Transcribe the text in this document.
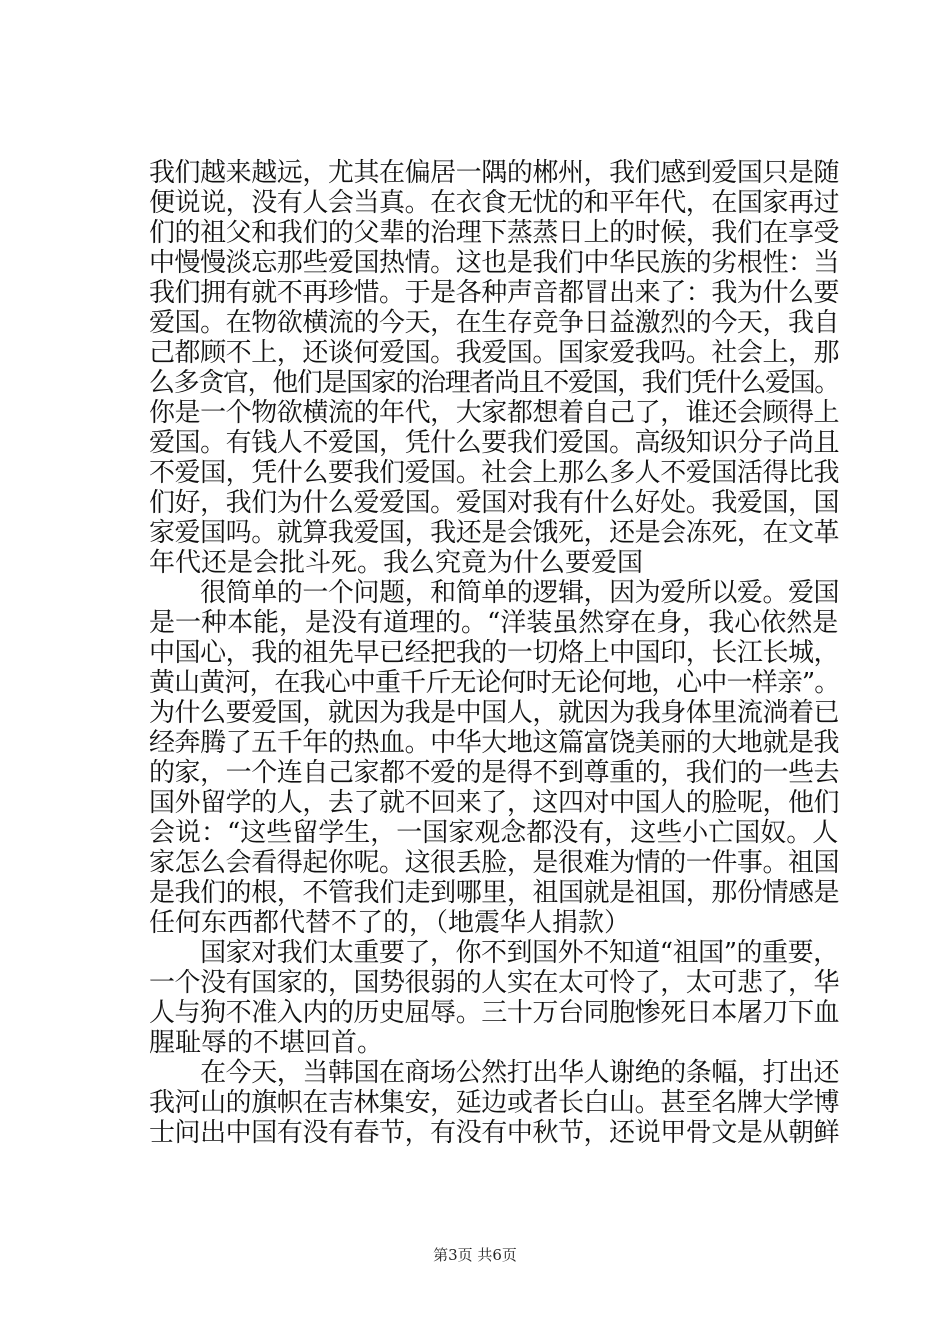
我们越来越远，尤其在偏居一隅的郴州，我们感到爱国只是随
便说说，没有人会当真。在衣食无忧的和平年代，在国家再过
们的祖父和我们的父辈的治理下蒸蒸日上的时候，我们在享受
中慢慢淡忘那些爱国热情。这也是我们中华民族的劣根性：当
我们拥有就不再珍惜。于是各种声音都冒出来了：我为什么要
爱国。在物欲横流的今天，在生存竞争日益激烈的今天，我自
己都顾不上，还谈何爱国。我爱国。国家爱我吗。社会上，那
么多贪官，他们是国家的治理者尚且不爱国，我们凭什么爱国。
你是一个物欲横流的年代，大家都想着自己了，谁还会顾得上
爱国。有钱人不爱国，凭什么要我们爱国。高级知识分子尚且
不爱国，凭什么要我们爱国。社会上那么多人不爱国活得比我
们好，我们为什么爱爱国。爱国对我有什么好处。我爱国，国
家爱国吗。就算我爱国，我还是会饿死，还是会冻死，在文革
年代还是会批斗死。我么究竟为什么要爱国
　　很简单的一个问题，和简单的逻辑，因为爱所以爱。爱国
是一种本能，是没有道理的。“洋装虽然穿在身，我心依然是
中国心，我的祖先早已经把我的一切烙上中国印，长江长城，
黄山黄河，在我心中重千斤无论何时无论何地，心中一样亲”。
为什么要爱国，就因为我是中国人，就因为我身体里流淌着已
经奔腾了五千年的热血。中华大地这篇富饶美丽的大地就是我
的家，一个连自己家都不爱的是得不到尊重的，我们的一些去
国外留学的人，去了就不回来了，这四对中国人的脸呢，他们
会说：“这些留学生，一国家观念都没有，这些小亡国奴。人
家怎么会看得起你呢。这很丢脸，是很难为情的一件事。祖国
是我们的根，不管我们走到哪里，祖国就是祖国，那份情感是
任何东西都代替不了的，（地震华人捐款）
　　国家对我们太重要了，你不到国外不知道“祖国”的重要，
一个没有国家的，国势很弱的人实在太可怜了，太可悲了，华
人与狗不准入内的历史屈辱。三十万台同胞惨死日本屠刀下血
腥耻辱的不堪回首。
　　在今天，当韩国在商场公然打出华人谢绝的条幅，打出还
我河山的旗帜在吉林集安，延边或者长白山。甚至名牌大学博
士问出中国有没有春节，有没有中秋节，还说甲骨文是从朝鲜
第3页 共6页
